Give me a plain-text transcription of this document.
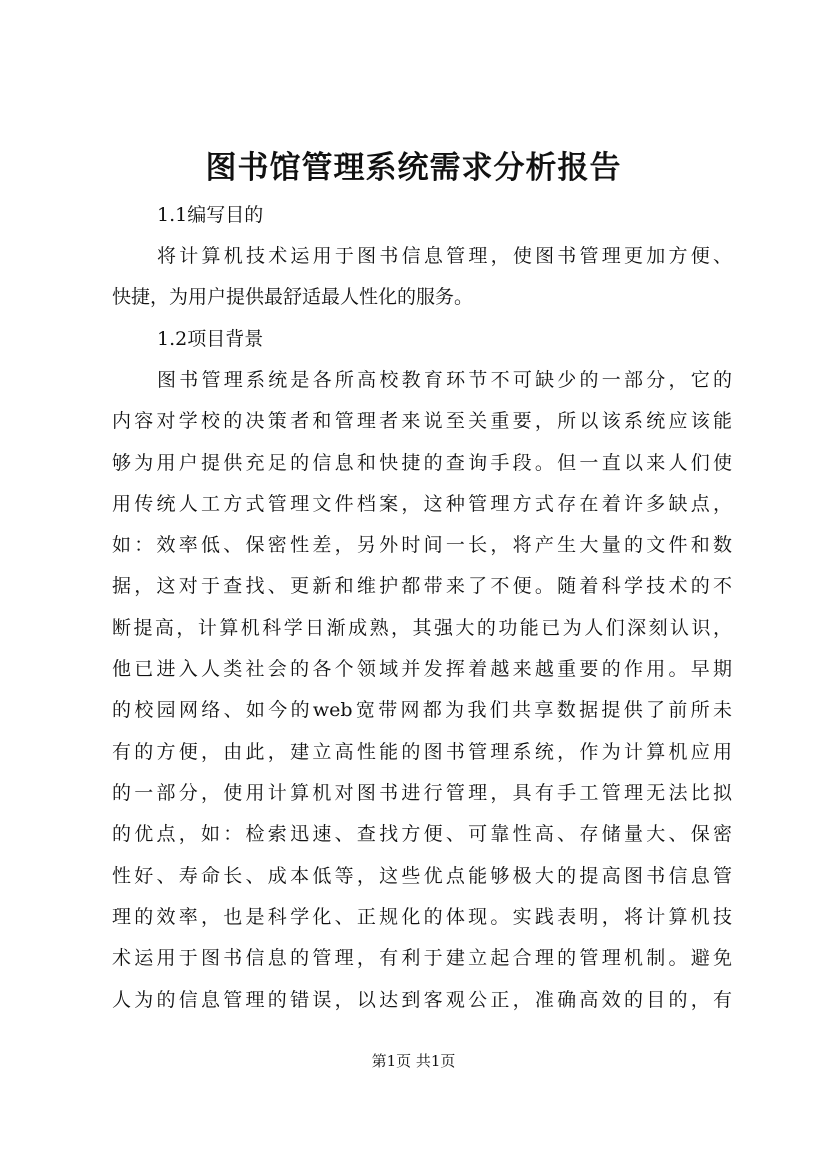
图书馆管理系统需求分析报告
1.1编写目的
将计算机技术运用于图书信息管理，使图书管理更加方便、
快捷，为用户提供最舒适最人性化的服务。
1.2项目背景
图书管理系统是各所高校教育环节不可缺少的一部分，它的
内容对学校的决策者和管理者来说至关重要，所以该系统应该能
够为用户提供充足的信息和快捷的查询手段。但一直以来人们使
用传统人工方式管理文件档案，这种管理方式存在着许多缺点，
如：效率低、保密性差，另外时间一长，将产生大量的文件和数
据，这对于查找、更新和维护都带来了不便。随着科学技术的不
断提高，计算机科学日渐成熟，其强大的功能已为人们深刻认识，
他已进入人类社会的各个领域并发挥着越来越重要的作用。早期
的校园网络、如今的web宽带网都为我们共享数据提供了前所未
有的方便，由此，建立高性能的图书管理系统，作为计算机应用
的一部分，使用计算机对图书进行管理，具有手工管理无法比拟
的优点，如：检索迅速、查找方便、可靠性高、存储量大、保密
性好、寿命长、成本低等，这些优点能够极大的提高图书信息管
理的效率，也是科学化、正规化的体现。实践表明，将计算机技
术运用于图书信息的管理，有利于建立起合理的管理机制。避免
人为的信息管理的错误，以达到客观公正，准确高效的目的，有
第1页 共1页
